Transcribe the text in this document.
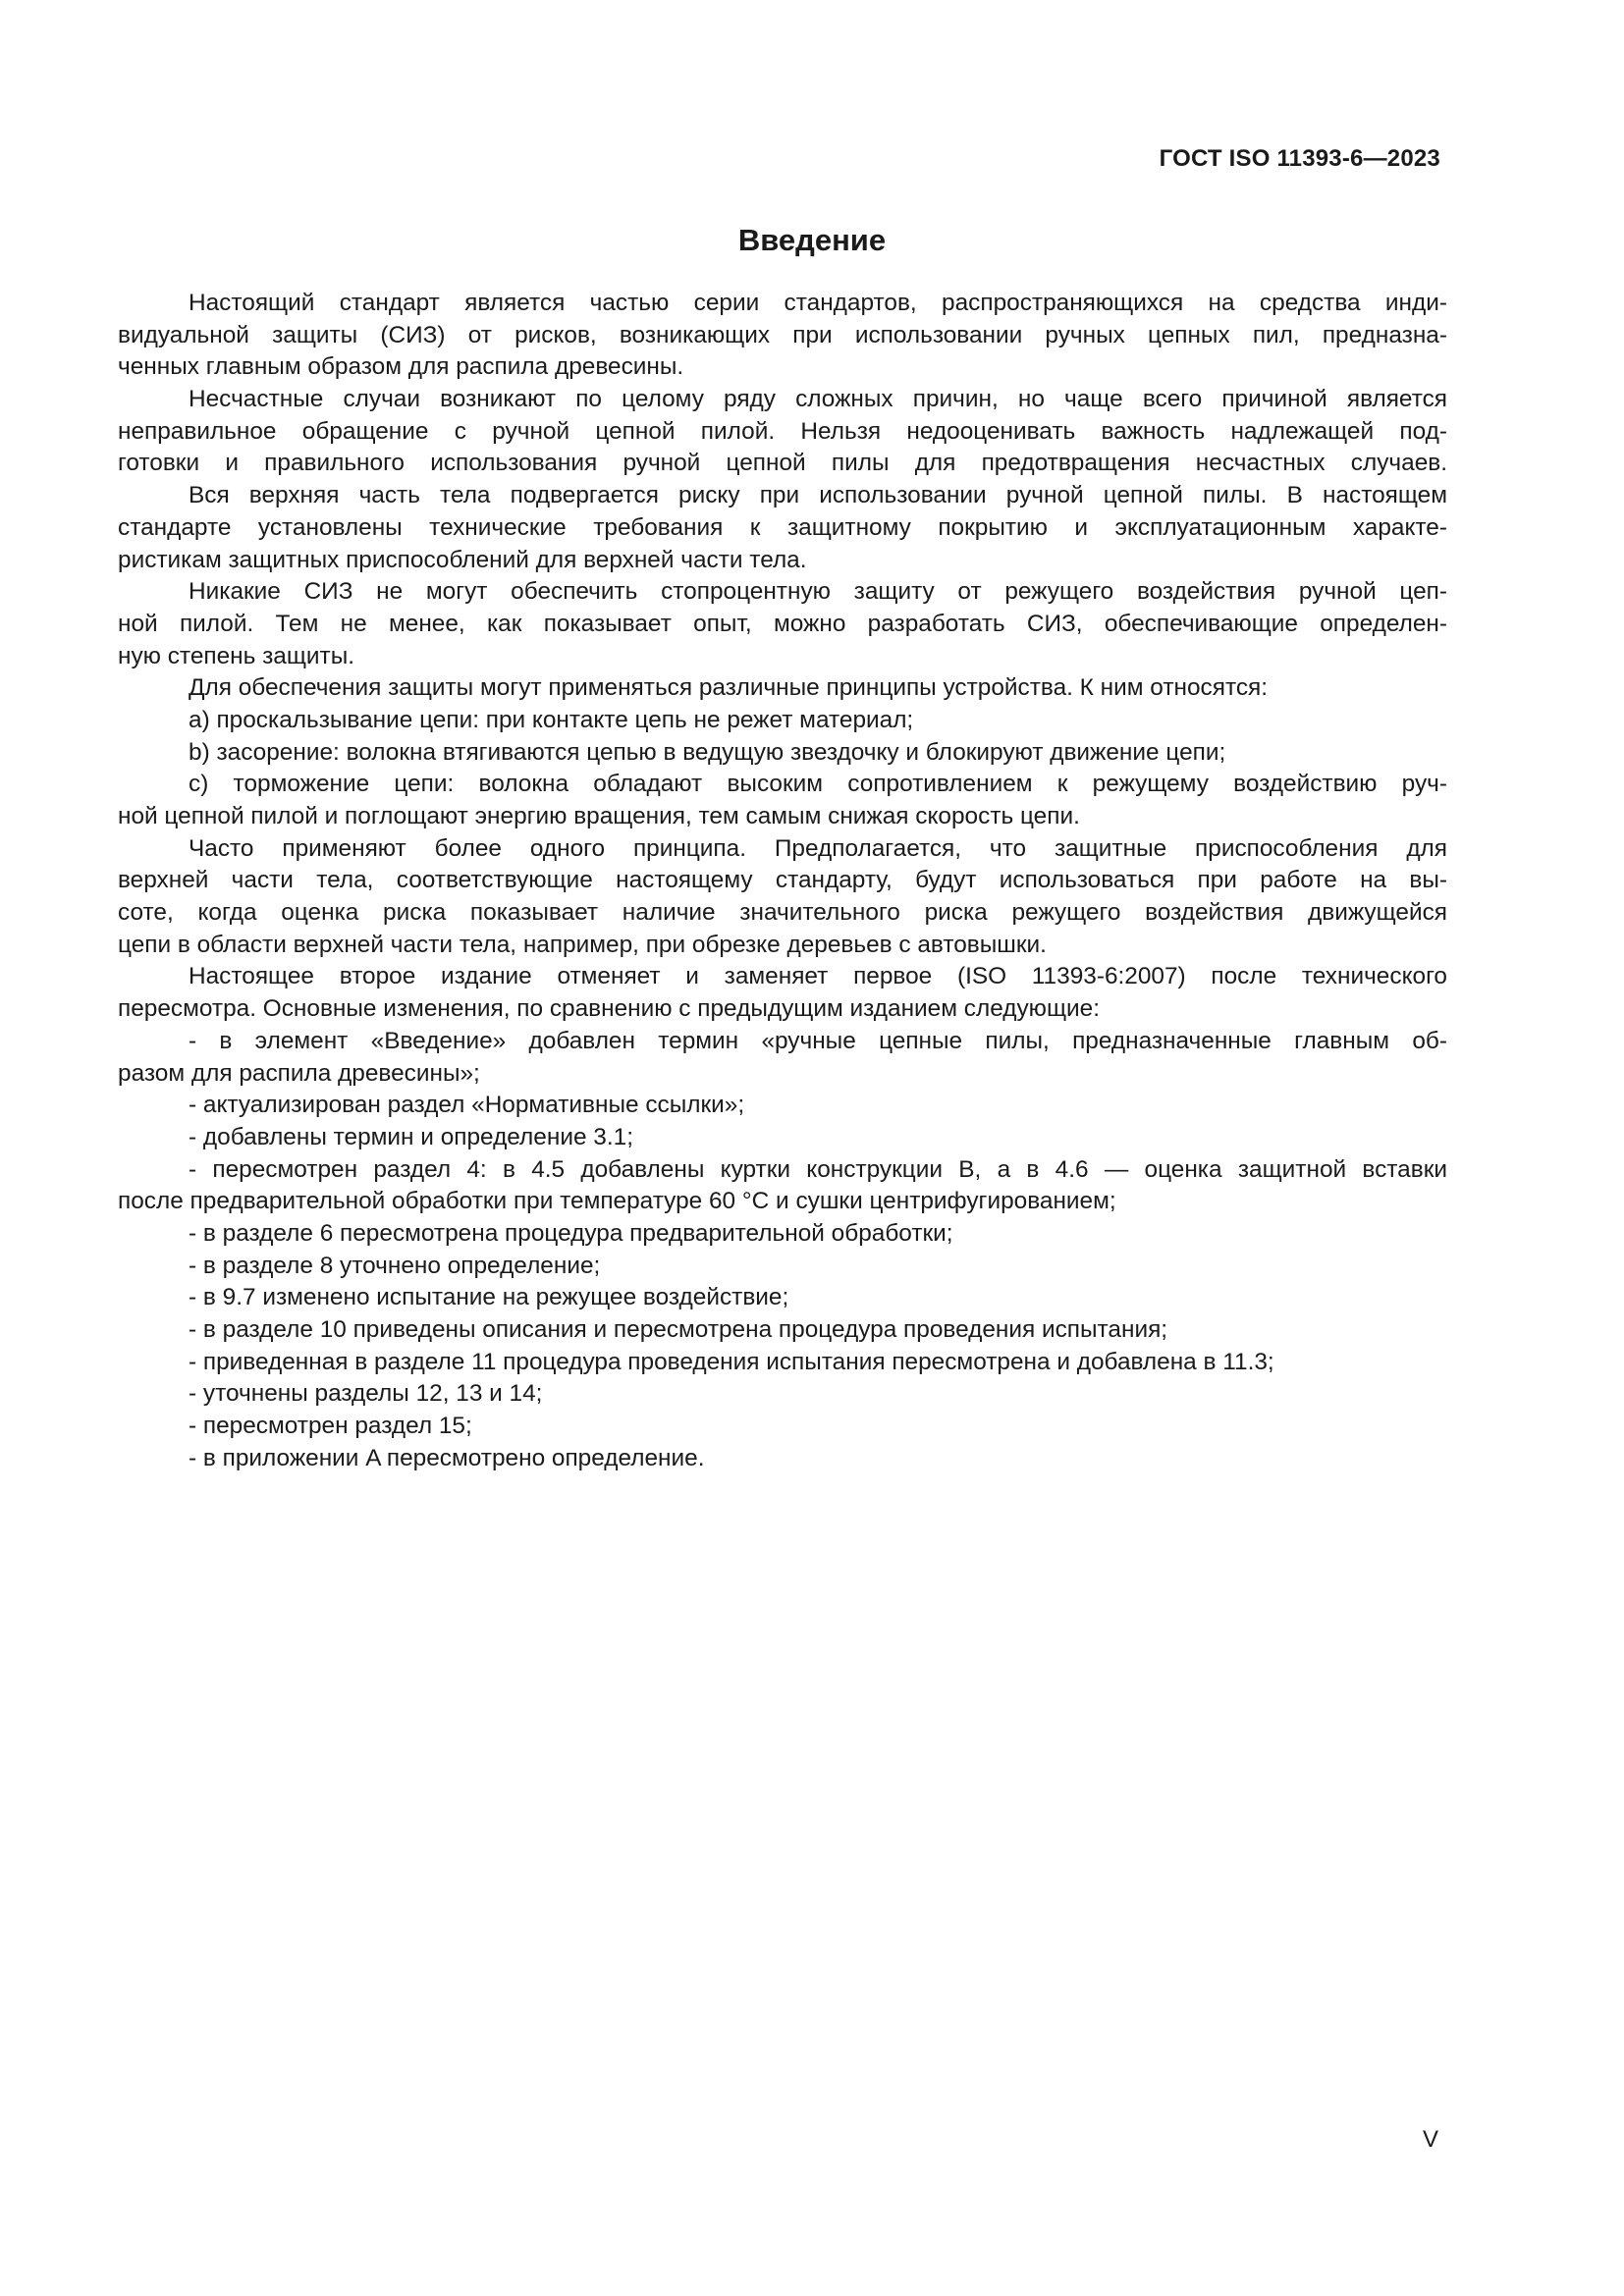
ГОСТ ISO 11393-6—2023
Введение
Настоящий стандарт является частью серии стандартов, распространяющихся на средства инди-
видуальной защиты (СИЗ) от рисков, возникающих при использовании ручных цепных пил, предназна-
ченных главным образом для распила древесины.
Несчастные случаи возникают по целому ряду сложных причин, но чаще всего причиной является
неправильное обращение с ручной цепной пилой. Нельзя недооценивать важность надлежащей под-
готовки и правильного использования ручной цепной пилы для предотвращения несчастных случаев.
Вся верхняя часть тела подвергается риску при использовании ручной цепной пилы. В настоящем
стандарте установлены технические требования к защитному покрытию и эксплуатационным характе-
ристикам защитных приспособлений для верхней части тела.
Никакие СИЗ не могут обеспечить стопроцентную защиту от режущего воздействия ручной цеп-
ной пилой. Тем не менее, как показывает опыт, можно разработать СИЗ, обеспечивающие определен-
ную степень защиты.
Для обеспечения защиты могут применяться различные принципы устройства. К ним относятся:
a) проскальзывание цепи: при контакте цепь не режет материал;
b) засорение: волокна втягиваются цепью в ведущую звездочку и блокируют движение цепи;
c) торможение цепи: волокна обладают высоким сопротивлением к режущему воздействию руч-
ной цепной пилой и поглощают энергию вращения, тем самым снижая скорость цепи.
Часто применяют более одного принципа. Предполагается, что защитные приспособления для
верхней части тела, соответствующие настоящему стандарту, будут использоваться при работе на вы-
соте, когда оценка риска показывает наличие значительного риска режущего воздействия движущейся
цепи в области верхней части тела, например, при обрезке деревьев с автовышки.
Настоящее второе издание отменяет и заменяет первое (ISO 11393-6:2007) после технического
пересмотра. Основные изменения, по сравнению с предыдущим изданием следующие:
- в элемент «Введение» добавлен термин «ручные цепные пилы, предназначенные главным об-
разом для распила древесины»;
- актуализирован раздел «Нормативные ссылки»;
- добавлены термин и определение 3.1;
- пересмотрен раздел 4: в 4.5 добавлены куртки конструкции B, а в 4.6 — оценка защитной вставки
после предварительной обработки при температуре 60 °C и сушки центрифугированием;
- в разделе 6 пересмотрена процедура предварительной обработки;
- в разделе 8 уточнено определение;
- в 9.7 изменено испытание на режущее воздействие;
- в разделе 10 приведены описания и пересмотрена процедура проведения испытания;
- приведенная в разделе 11 процедура проведения испытания пересмотрена и добавлена в 11.3;
- уточнены разделы 12, 13 и 14;
- пересмотрен раздел 15;
- в приложении A пересмотрено определение.
V
